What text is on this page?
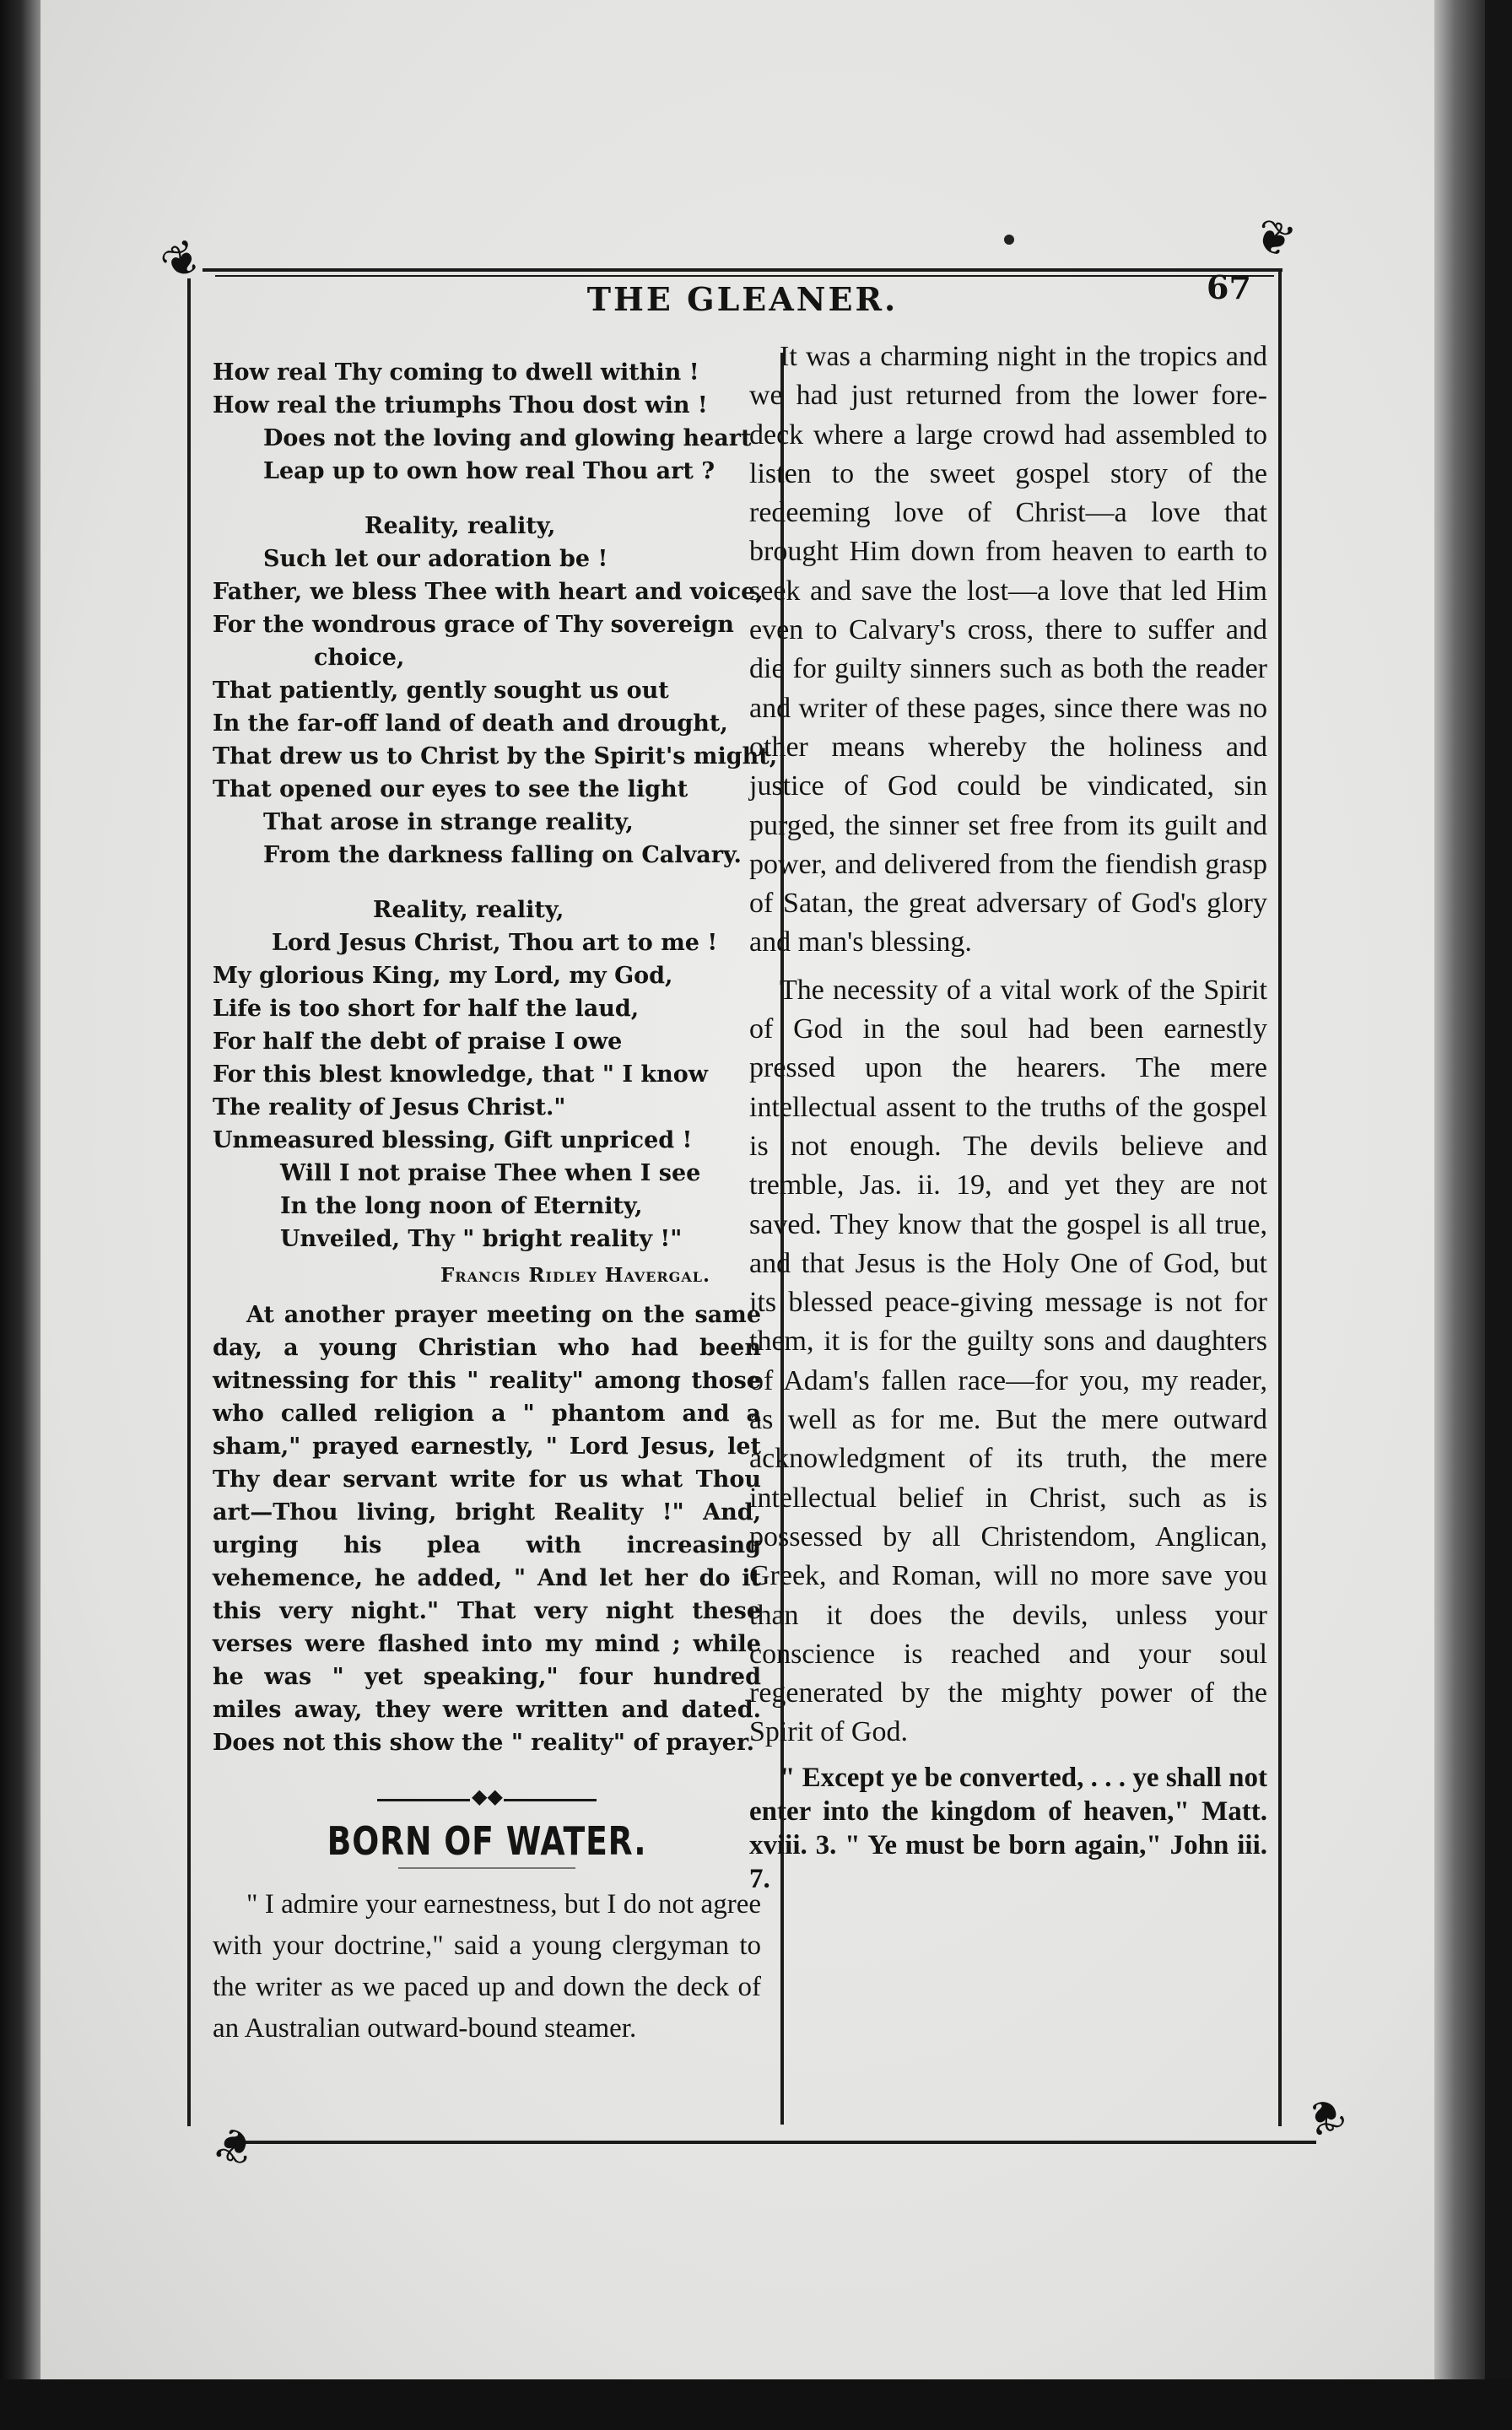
❦	❦
❦	❦
THE GLEANER.	67
How real Thy coming to dwell within !
How real the triumphs Thou dost win !
Does not the loving and glowing heart
Leap up to own how real Thou art ?
Reality, reality,
Such let our adoration be !
Father, we bless Thee with heart and voice,
For the wondrous grace of Thy sovereign
choice,
That patiently, gently sought us out
In the far-off land of death and drought,
That drew us to Christ by the Spirit's might,
That opened our eyes to see the light
That arose in strange reality,
From the darkness falling on Calvary.
Reality, reality,
Lord Jesus Christ, Thou art to me !
My glorious King, my Lord, my God,
Life is too short for half the laud,
For half the debt of praise I owe
For this blest knowledge, that " I know
The reality of Jesus Christ."
Unmeasured blessing, Gift unpriced !
Will I not praise Thee when I see
In the long noon of Eternity,
Unveiled, Thy " bright reality !"
Francis Ridley Havergal.

At another prayer meeting on the same day, a young Christian who had been witnessing for this " reality" among those who called religion a " phantom and a sham," prayed earnestly, " Lord Jesus, let Thy dear servant write for us what Thou art—Thou living, bright Reality !" And, urging his plea with increasing vehemence, he added, " And let her do it this very night." That very night these verses were flashed into my mind ; while he was " yet speaking," four hundred miles away, they were written and dated. Does not this show the " reality" of prayer.

◆◆
BORN OF WATER.

" I admire your earnestness, but I do not agree with your doctrine," said a young clergyman to the writer as we paced up and down the deck of an Australian outward-bound steamer.

It was a charming night in the tropics and we had just returned from the lower fore-deck where a large crowd had assembled to listen to the sweet gospel story of the redeeming love of Christ—a love that brought Him down from heaven to earth to seek and save the lost—a love that led Him even to Calvary's cross, there to suffer and die for guilty sinners such as both the reader and writer of these pages, since there was no other means whereby the holiness and justice of God could be vindicated, sin purged, the sinner set free from its guilt and power, and delivered from the fiendish grasp of Satan, the great adversary of God's glory and man's blessing.

The necessity of a vital work of the Spirit of God in the soul had been earnestly pressed upon the hearers. The mere intellectual assent to the truths of the gospel is not enough. The devils believe and tremble, Jas. ii. 19, and yet they are not saved. They know that the gospel is all true, and that Jesus is the Holy One of God, but its blessed peace-giving message is not for them, it is for the guilty sons and daughters of Adam's fallen race—for you, my reader, as well as for me. But the mere outward acknowledgment of its truth, the mere intellectual belief in Christ, such as is possessed by all Christendom, Anglican, Greek, and Roman, will no more save you than it does the devils, unless your conscience is reached and your soul regenerated by the mighty power of the Spirit of God.

" Except ye be converted, . . . ye shall not enter into the kingdom of heaven," Matt. xviii. 3. " Ye must be born again," John iii. 7.
